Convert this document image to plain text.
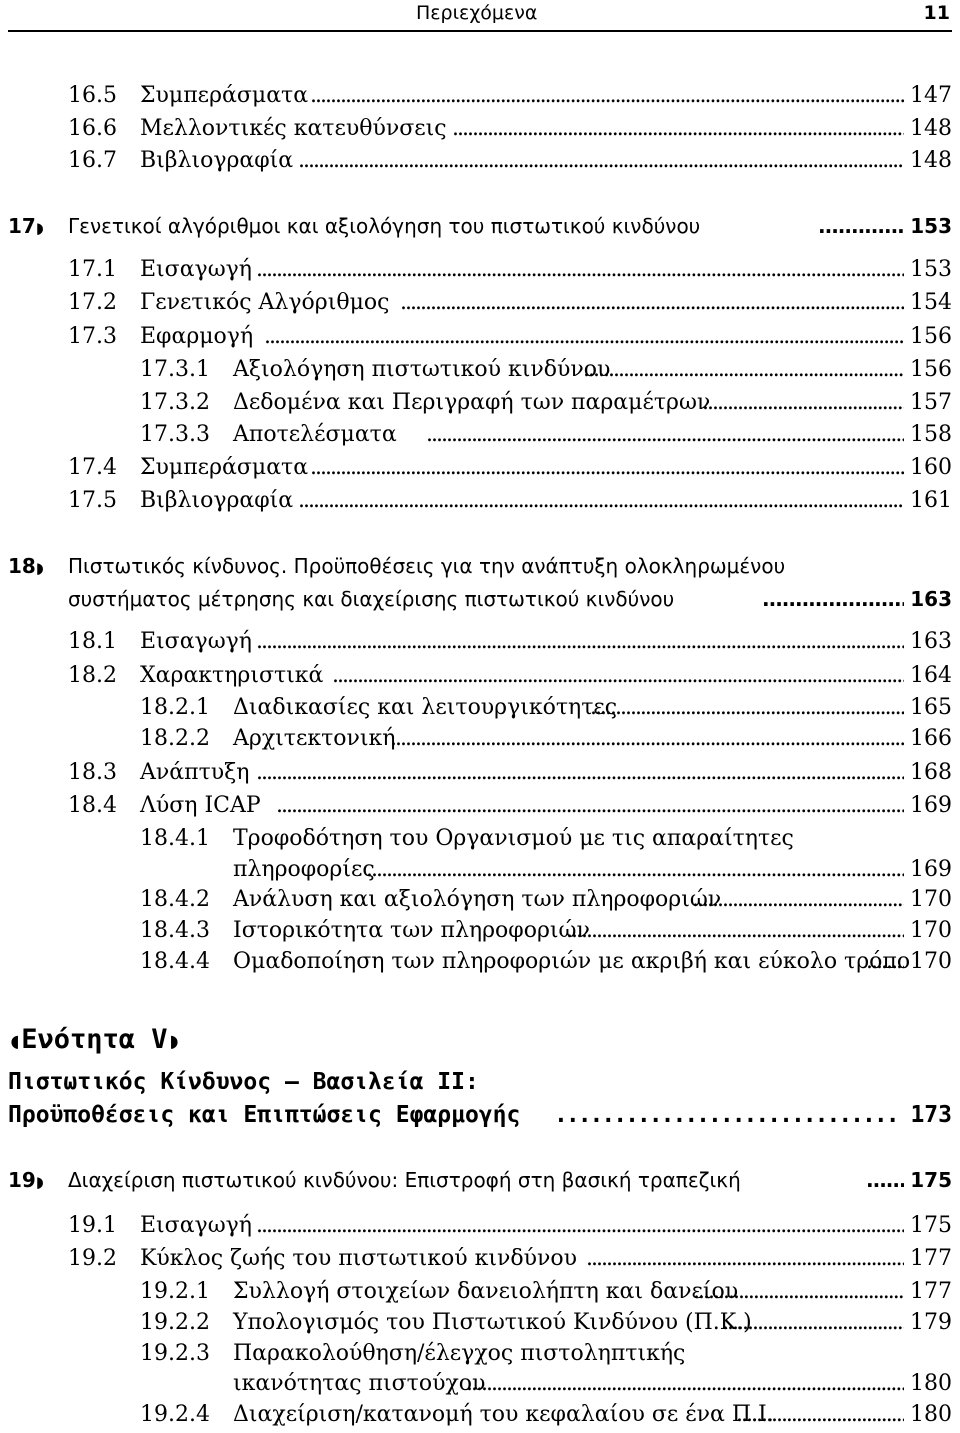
Περιεχόμενα	11
16.5 Συμπεράσματα .....	147
16.6 Μελλοντικές κατευθύνσεις .....	148
16.7 Βιβλιογραφία .....	148
17◗ Γενετικοί αλγόριθμοι και αξιολόγηση του πιστωτικού κινδύνου .....	153
17.1 Εισαγωγή .....	153
17.2 Γενετικός Αλγόριθμος .....	154
17.3 Εφαρμογή .....	156
17.3.1 Αξιολόγηση πιστωτικού κινδύνου .....	156
17.3.2 Δεδομένα και Περιγραφή των παραμέτρων .....	157
17.3.3 Αποτελέσματα .....	158
17.4 Συμπεράσματα .....	160
17.5 Βιβλιογραφία .....	161
18◗ Πιστωτικός κίνδυνος. Προϋποθέσεις για την ανάπτυξη ολοκληρωμένου
συστήματος μέτρησης και διαχείρισης πιστωτικού κινδύνου .....	163
18.1 Εισαγωγή .....	163
18.2 Χαρακτηριστικά .....	164
18.2.1 Διαδικασίες και λειτουργικότητες .....	165
18.2.2 Αρχιτεκτονική .....	166
18.3 Ανάπτυξη .....	168
18.4 Λύση ICAP .....	169
18.4.1 Τροφοδότηση του Οργανισμού με τις απαραίτητες
πληροφορίες .....	169
18.4.2 Ανάλυση και αξιολόγηση των πληροφοριών .....	170
18.4.3 Ιστορικότητα των πληροφοριών .....	170
18.4.4 Ομαδοποίηση των πληροφοριών με ακριβή και εύκολο τρόπο ..... 170
◖Ενότητα V◗
Πιστωτικός Κίνδυνος — Βασιλεία ΙΙ:
Προϋποθέσεις και Επιπτώσεις Εφαρμογής .....	173
19◗ Διαχείριση πιστωτικού κινδύνου: Επιστροφή στη βασική τραπεζική .....	175
19.1 Εισαγωγή .....	175
19.2 Κύκλος ζωής του πιστωτικού κινδύνου .....	177
19.2.1 Συλλογή στοιχείων δανειολήπτη και δανείου .....	177
19.2.2 Υπολογισμός του Πιστωτικού Κινδύνου (Π.Κ.) .....	179
19.2.3 Παρακολούθηση/έλεγχος πιστοληπτικής
ικανότητας πιστούχου .....	180
19.2.4 Διαχείριση/κατανομή του κεφαλαίου σε ένα Π.Ι. .....	180
